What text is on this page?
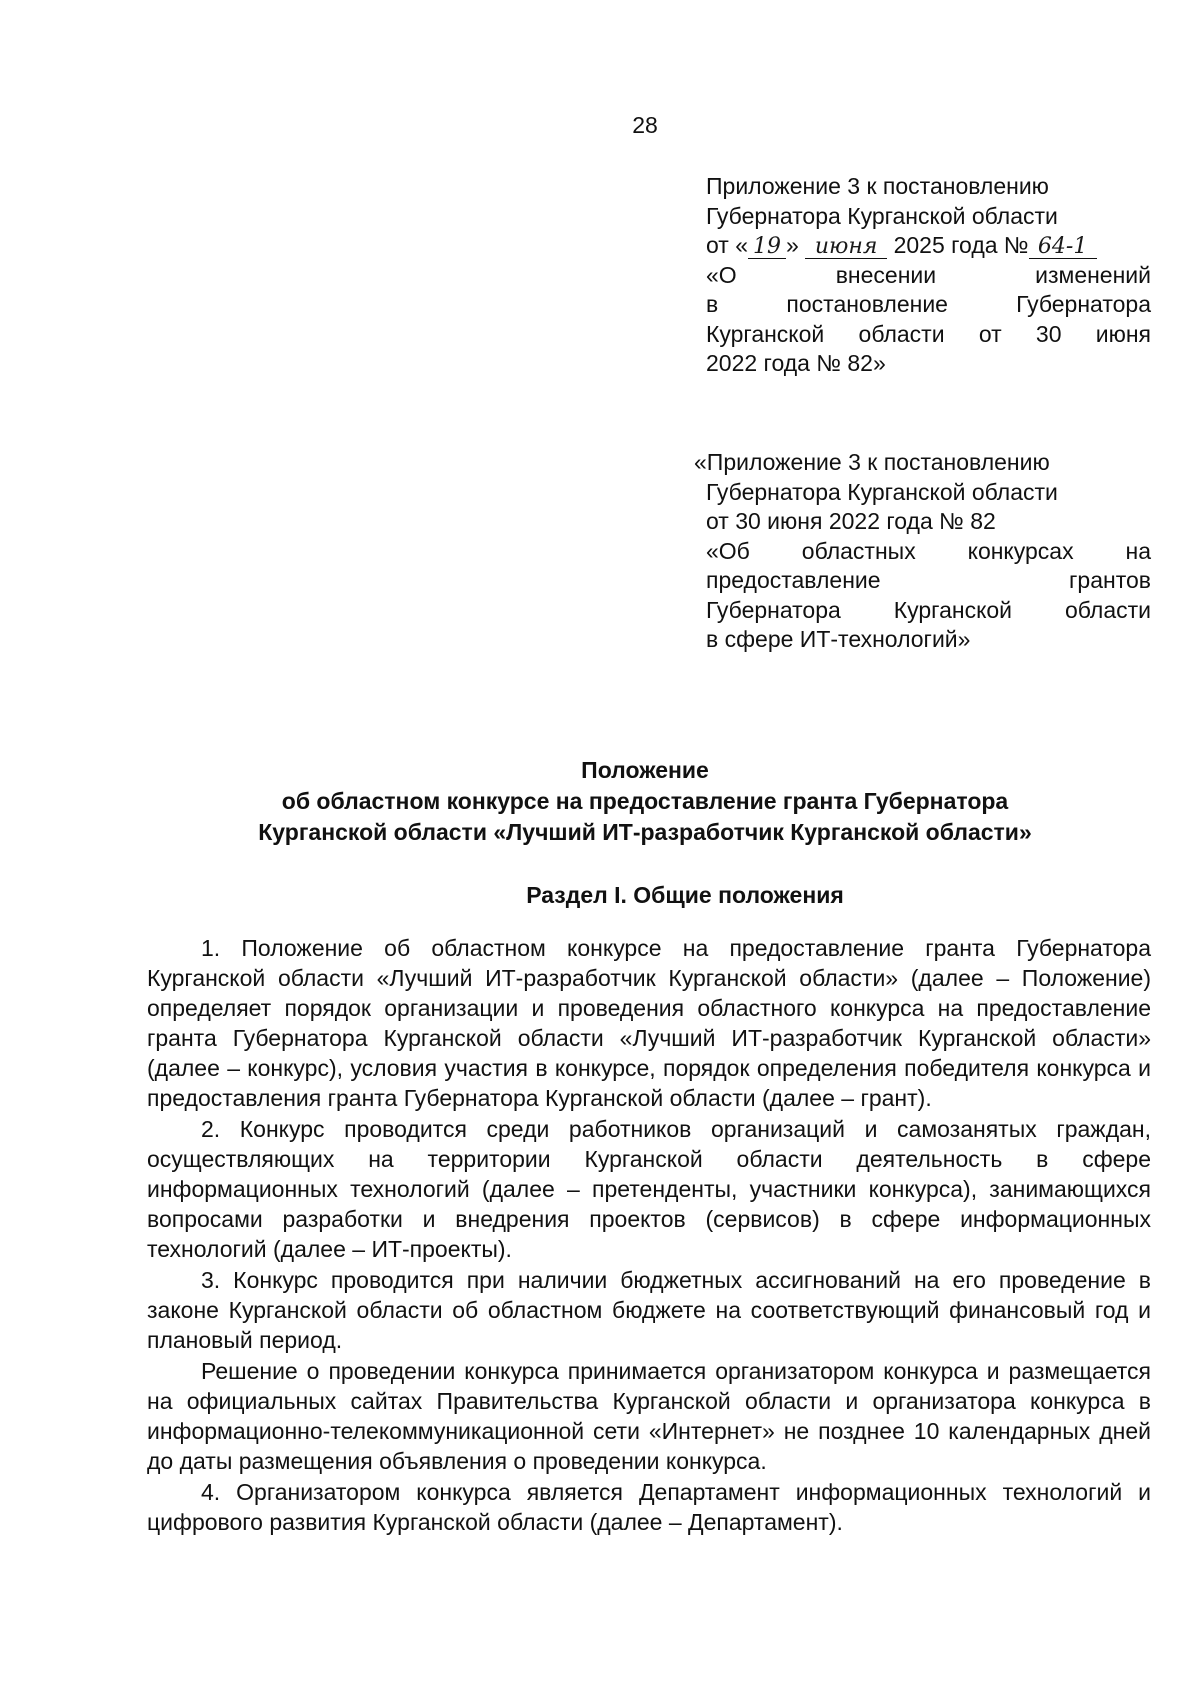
28
Приложение 3 к постановлению
Губернатора Курганской области
от « 19 » июня 2025 года № 64-1
«О внесении изменений
в постановление Губернатора
Курганской области от 30 июня
2022 года № 82»
«Приложение 3 к постановлению
Губернатора Курганской области
от 30 июня 2022 года № 82
«Об областных конкурсах на
предоставление грантов
Губернатора Курганской области
в сфере ИТ-технологий»
Положение
об областном конкурсе на предоставление гранта Губернатора
Курганской области «Лучший ИТ-разработчик Курганской области»
Раздел I. Общие положения

1. Положение об областном конкурсе на предоставление гранта Губернатора Курганской области «Лучший ИТ-разработчик Курганской области» (далее – Положение) определяет порядок организации и проведения областного конкурса на предоставление гранта Губернатора Курганской области «Лучший ИТ-разработчик Курганской области» (далее – конкурс), условия участия в конкурсе, порядок определения победителя конкурса и предоставления гранта Губернатора Курганской области (далее – грант).

2. Конкурс проводится среди работников организаций и самозанятых граждан, осуществляющих на территории Курганской области деятельность в сфере информационных технологий (далее – претенденты, участники конкурса), занимающихся вопросами разработки и внедрения проектов (сервисов) в сфере информационных технологий (далее – ИТ-проекты).

3. Конкурс проводится при наличии бюджетных ассигнований на его проведение в законе Курганской области об областном бюджете на соответствующий финансовый год и плановый период.

Решение о проведении конкурса принимается организатором конкурса и размещается на официальных сайтах Правительства Курганской области и организатора конкурса в информационно-телекоммуникационной сети «Интернет» не позднее 10 календарных дней до даты размещения объявления о проведении конкурса.

4. Организатором конкурса является Департамент информационных технологий и цифрового развития Курганской области (далее – Департамент).
